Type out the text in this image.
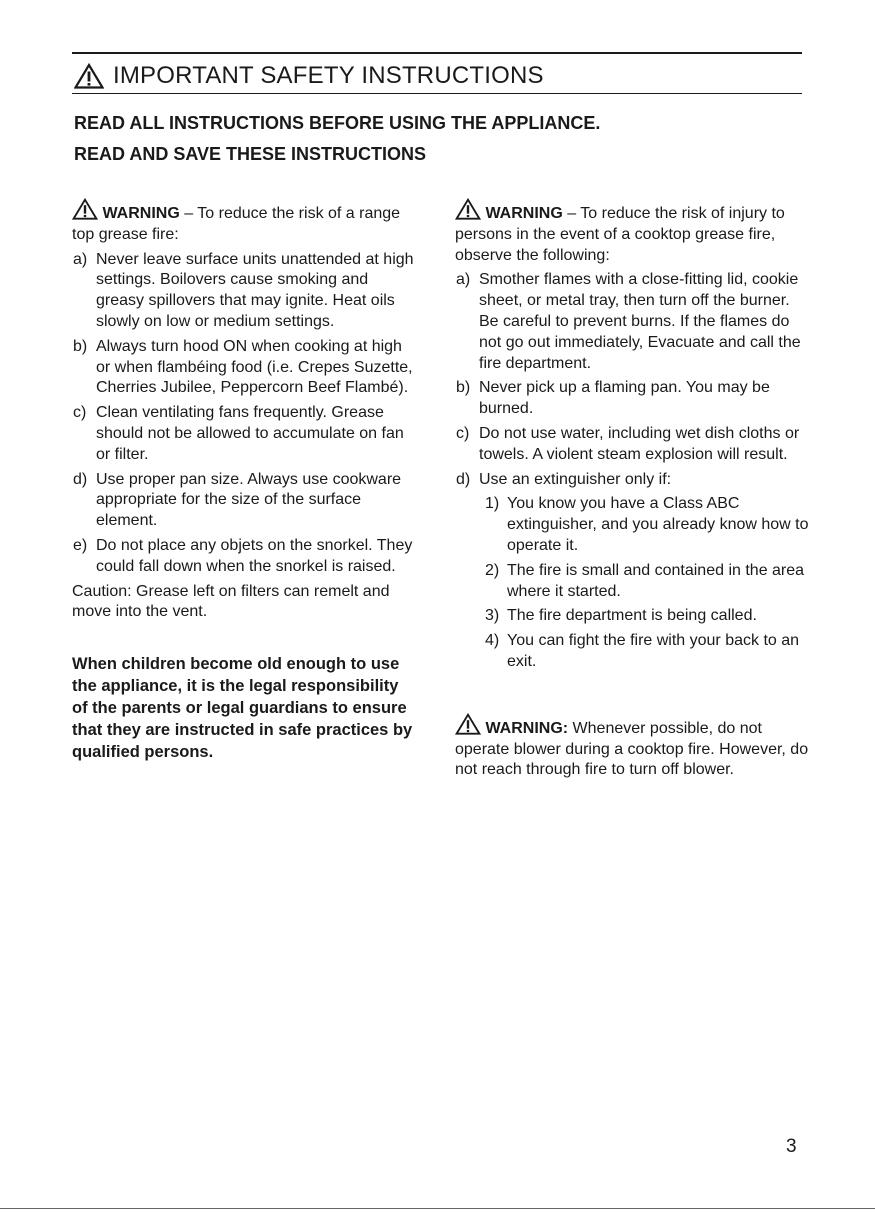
IMPORTANT SAFETY INSTRUCTIONS
READ ALL INSTRUCTIONS BEFORE USING THE APPLIANCE.
READ AND SAVE THESE INSTRUCTIONS

WARNING – To reduce the risk of a range top grease fire:

a) Never leave surface units unattended at high settings. Boilovers cause smoking and greasy spillovers that may ignite. Heat oils slowly on low or medium settings.
b) Always turn hood ON when cooking at high or when flambéing food (i.e. Crepes Suzette, Cherries Jubilee, Peppercorn Beef Flambé).
c) Clean ventilating fans frequently. Grease should not be allowed to accumulate on fan or filter.
d) Use proper pan size. Always use cookware appropriate for the size of the surface element.
e) Do not place any objets on the snorkel. They could fall down when the snorkel is raised.

Caution: Grease left on filters can remelt and move into the vent.

When children become old enough to use the appliance, it is the legal responsibility of the parents or legal guardians to ensure that they are instructed in safe practices by qualified persons.

WARNING – To reduce the risk of injury to persons in the event of a cooktop grease fire, observe the following:

a) Smother flames with a close-fitting lid, cookie sheet, or metal tray, then turn off the burner. Be careful to prevent burns. If the flames do not go out immediately, Evacuate and call the fire department.
b) Never pick up a flaming pan. You may be burned.
c) Do not use water, including wet dish cloths or towels. A violent steam explosion will result.
d) Use an extinguisher only if:
1) You know you have a Class ABC extinguisher, and you already know how to operate it.
2) The fire is small and contained in the area where it started.
3) The fire department is being called.
4) You can fight the fire with your back to an exit.

WARNING: Whenever possible, do not operate blower during a cooktop fire. However, do not reach through fire to turn off blower.

3
